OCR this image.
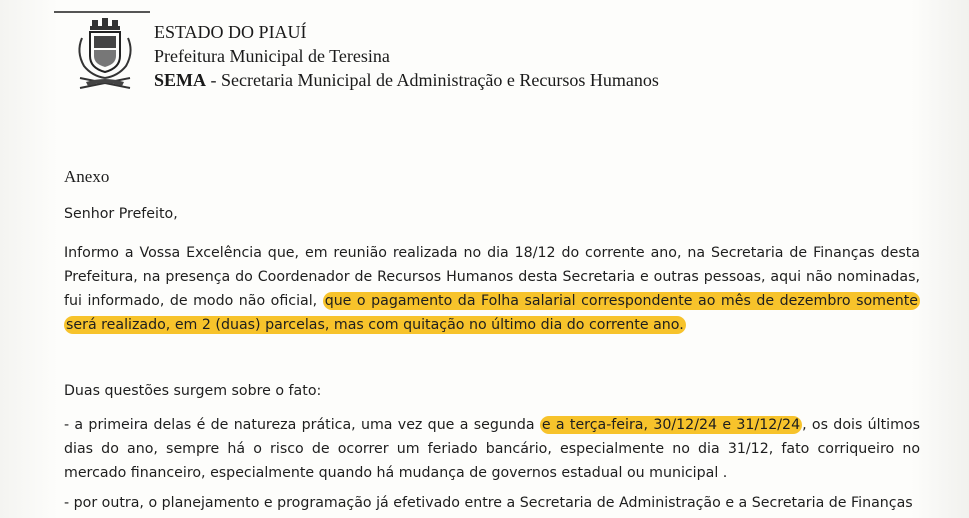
ESTADO DO PIAUÍ
Prefeitura Municipal de Teresina
SEMA - Secretaria Municipal de Administração e Recursos Humanos
Anexo
Senhor Prefeito,
Informo a Vossa Excelência que, em reunião realizada no dia 18/12 do corrente ano, na Secretaria de Finanças desta Prefeitura, na presença do Coordenador de Recursos Humanos desta Secretaria e outras pessoas, aqui não nominadas, fui informado, de modo não oficial, que o pagamento da Folha salarial correspondente ao mês de dezembro somente será realizado, em 2 (duas) parcelas, mas com quitação no último dia do corrente ano.
Duas questões surgem sobre o fato:
- a primeira delas é de natureza prática, uma vez que a segunda e a terça-feira, 30/12/24 e 31/12/24 , os dois últimos dias do ano, sempre há o risco de ocorrer um feriado bancário, especialmente no dia 31/12, fato corriqueiro no mercado financeiro, especialmente quando há mudança de governos estadual ou municipal .
- por outra, o planejamento e programação já efetivado entre a Secretaria de Administração e a Secretaria de Finanças
